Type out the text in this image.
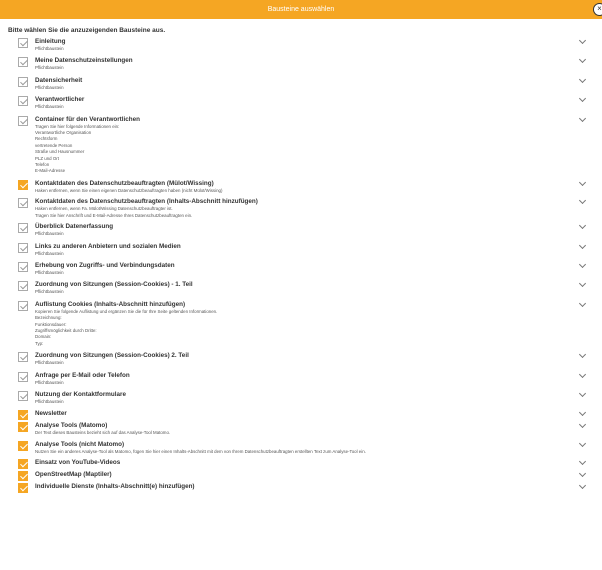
Bausteine auswählen	×
Bitte wählen Sie die anzuzeigenden Bausteine aus.
Einleitung
Pflichtbaustein
Meine Datenschutzeinstellungen
Pflichtbaustein
Datensicherheit
Pflichtbaustein
Verantwortlicher
Pflichtbaustein
Container für den Verantwortlichen
Tragen Sie hier folgende Informationen ein:
Verantwortliche Organisation
Rechtsform
vertretende Person
Straße und Hausnummer
PLZ und Ort
Telefon
E-Mail-Adresse
Kontaktdaten des Datenschutzbeauftragten (Mülot/Wissing)
Haken entfernen, wenn Sie einen eigenen Datenschutzbeauftragten haben (nicht Mülot/Wissing)
Kontaktdaten des Datenschutzbeauftragten (Inhalts-Abschnitt hinzufügen)
Haken entfernen, wenn Fa. Mülot/Wissing Datenschutzbeauftragter ist.
Tragen Sie hier Anschrift und E-Mail-Adresse Ihres Datenschutzbeauftragten ein.
Überblick Datenerfassung
Pflichtbaustein
Links zu anderen Anbietern und sozialen Medien
Pflichtbaustein
Erhebung von Zugriffs- und Verbindungsdaten
Pflichtbaustein
Zuordnung von Sitzungen (Session-Cookies) - 1. Teil
Pflichtbaustein
Auflistung Cookies (Inhalts-Abschnitt hinzufügen)
Kopieren Sie folgende Auflistung und ergänzen Sie die für Ihre Seite geltenden Informationen.
Bezeichnung:
Funktionsdauer:
Zugriffsmöglichkeit durch Dritte:
Domain:
Typ:
Zuordnung von Sitzungen (Session-Cookies) 2. Teil
Pflichtbaustein
Anfrage per E-Mail oder Telefon
Pflichtbaustein
Nutzung der Kontaktformulare
Pflichtbaustein
Newsletter
Analyse Tools (Matomo)
Der Text dieses Bausteins bezieht sich auf das Analyse-Tool Matomo.
Analyse Tools (nicht Matomo)
Nutzen Sie ein anderes Analyse-Tool als Matomo, fügen Sie hier einen Inhalts-Abschnitt mit dem von Ihrem Datenschutzbeauftragten erstellten Text zum Analyse-Tool ein.
Einsatz von YouTube-Videos
OpenStreetMap (Maptiler)
Individuelle Dienste (Inhalts-Abschnitt(e) hinzufügen)
